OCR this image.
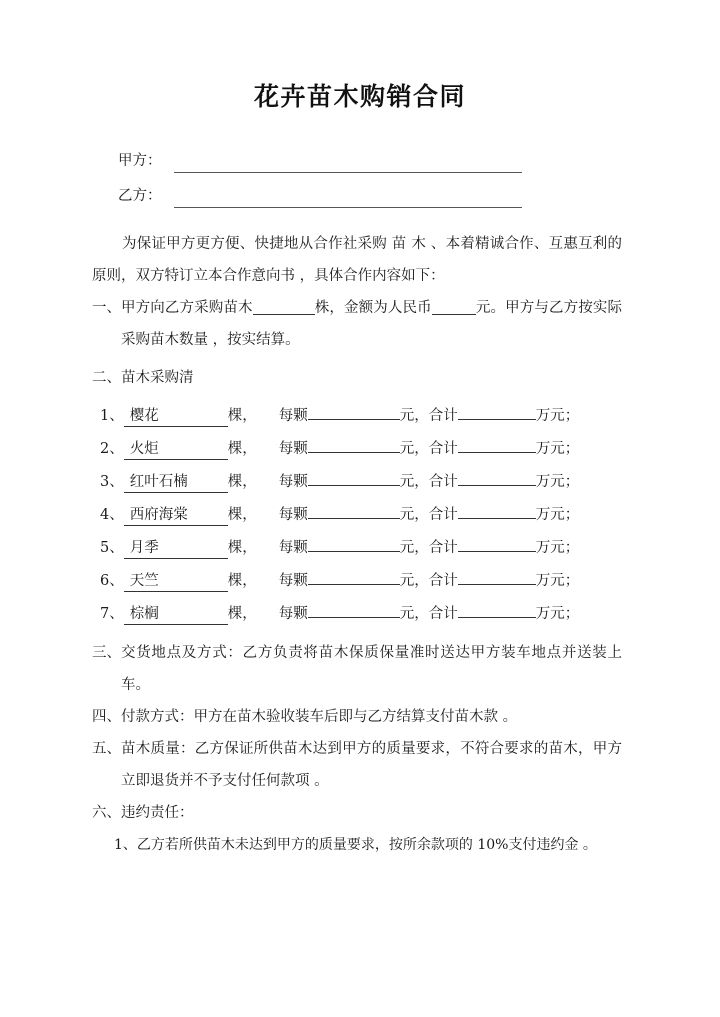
花卉苗木购销合同
甲方：
乙方：

为保证甲方更方便、快捷地从合作社采购 苗 木 、本着精诚合作、互惠互利的原则，双方特订立本合作意向书 ，具体合作内容如下：

一、 甲方向乙方采购苗木	株，金额为人民币	元。甲方与乙方按实际采购苗木数量 ，按实结算。
二、 苗木采购清
1、 樱花	棵，	每颗	元， 合计	万元；
2、 火炬	棵，	每颗	元， 合计	万元；
3、 红叶石楠	棵，	每颗	元， 合计	万元；
4、 西府海棠	棵，	每颗	元， 合计	万元；
5、 月季	棵，	每颗	元， 合计	万元；
6、 天竺	棵，	每颗	元， 合计	万元；
7、 棕榈	棵，	每颗	元， 合计	万元；
三、 交货地点及方式：乙方负责将苗木保质保量准时送达甲方装车地点并送装上车。
四、 付款方式：甲方在苗木验收装车后即与乙方结算支付苗木款 。
五、 苗木质量：乙方保证所供苗木达到甲方的质量要求，不符合要求的苗木，甲方立即退货并不予支付任何款项 。
六、 违约责任：

1、乙方若所供苗木未达到甲方的质量要求，按所余款项的 10%支付违约金 。
